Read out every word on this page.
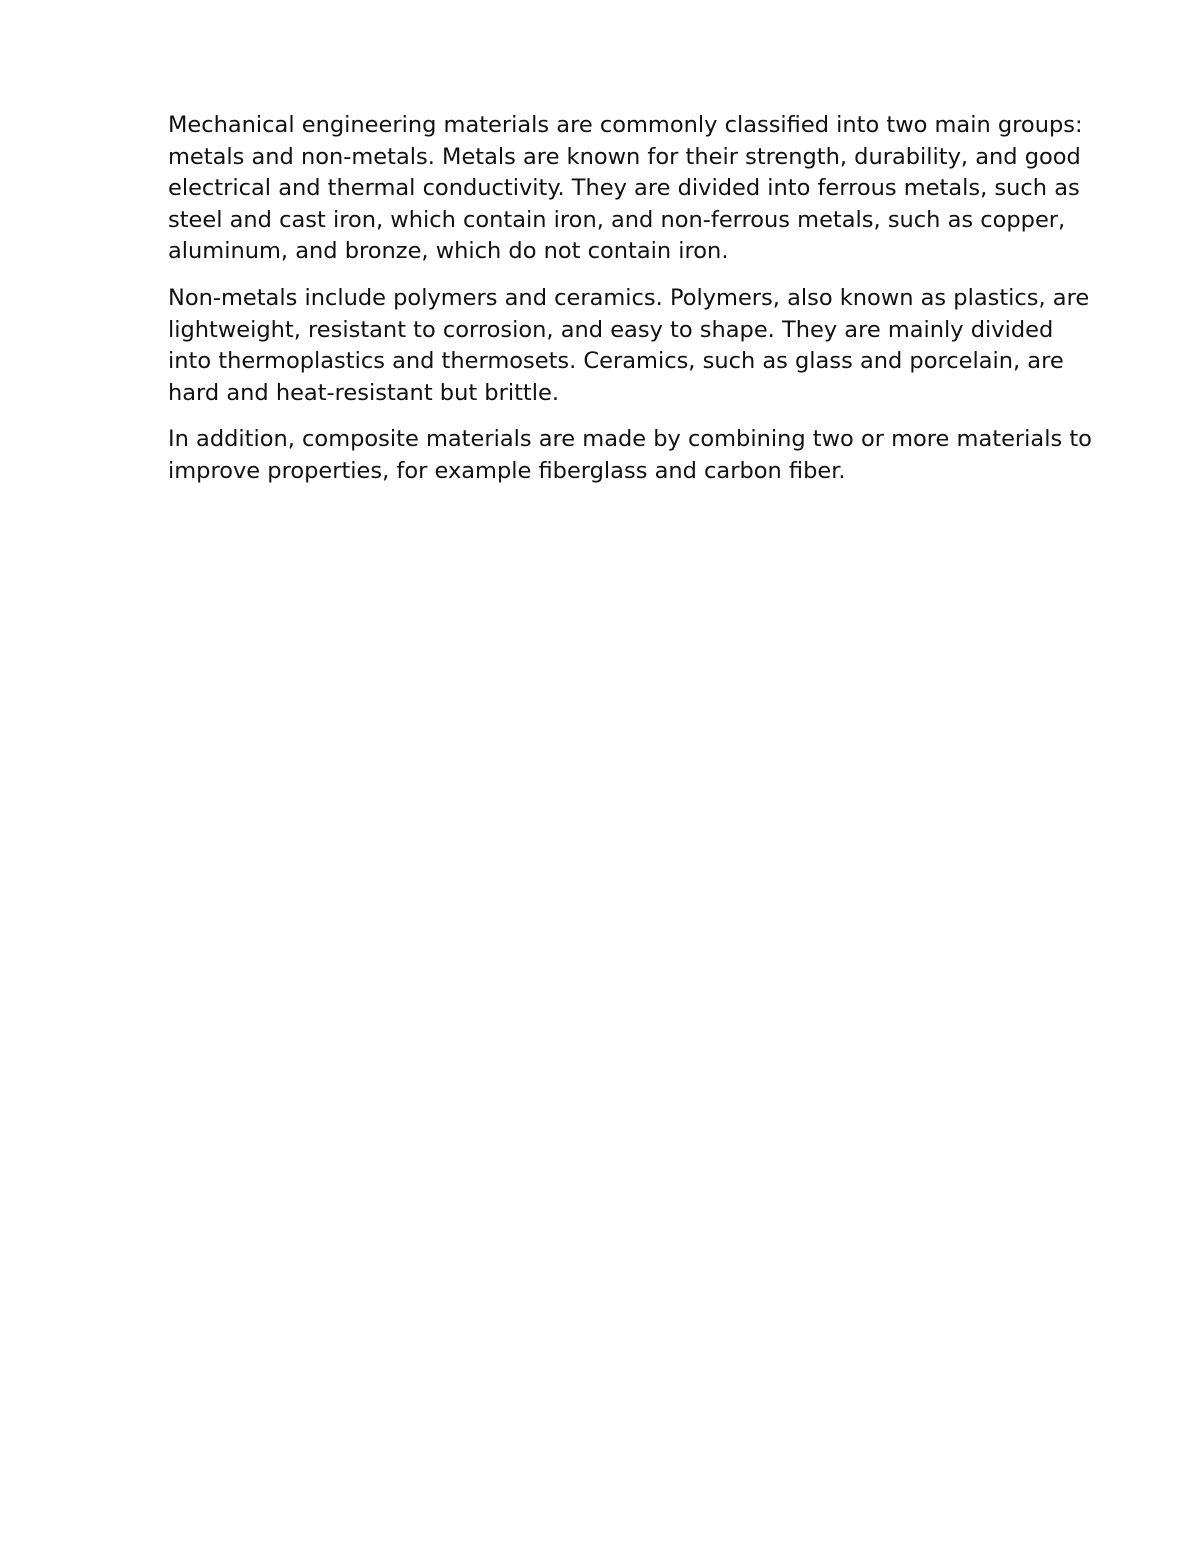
Mechanical engineering materials are commonly classified into two main groups: metals and non-metals. Metals are known for their strength, durability, and good electrical and thermal conductivity. They are divided into ferrous metals, such as steel and cast iron, which contain iron, and non-ferrous metals, such as copper, aluminum, and bronze, which do not contain iron.

Non-metals include polymers and ceramics. Polymers, also known as plastics, are lightweight, resistant to corrosion, and easy to shape. They are mainly divided into thermoplastics and thermosets. Ceramics, such as glass and porcelain, are hard and heat-resistant but brittle.

In addition, composite materials are made by combining two or more materials to improve properties, for example fiberglass and carbon fiber.
